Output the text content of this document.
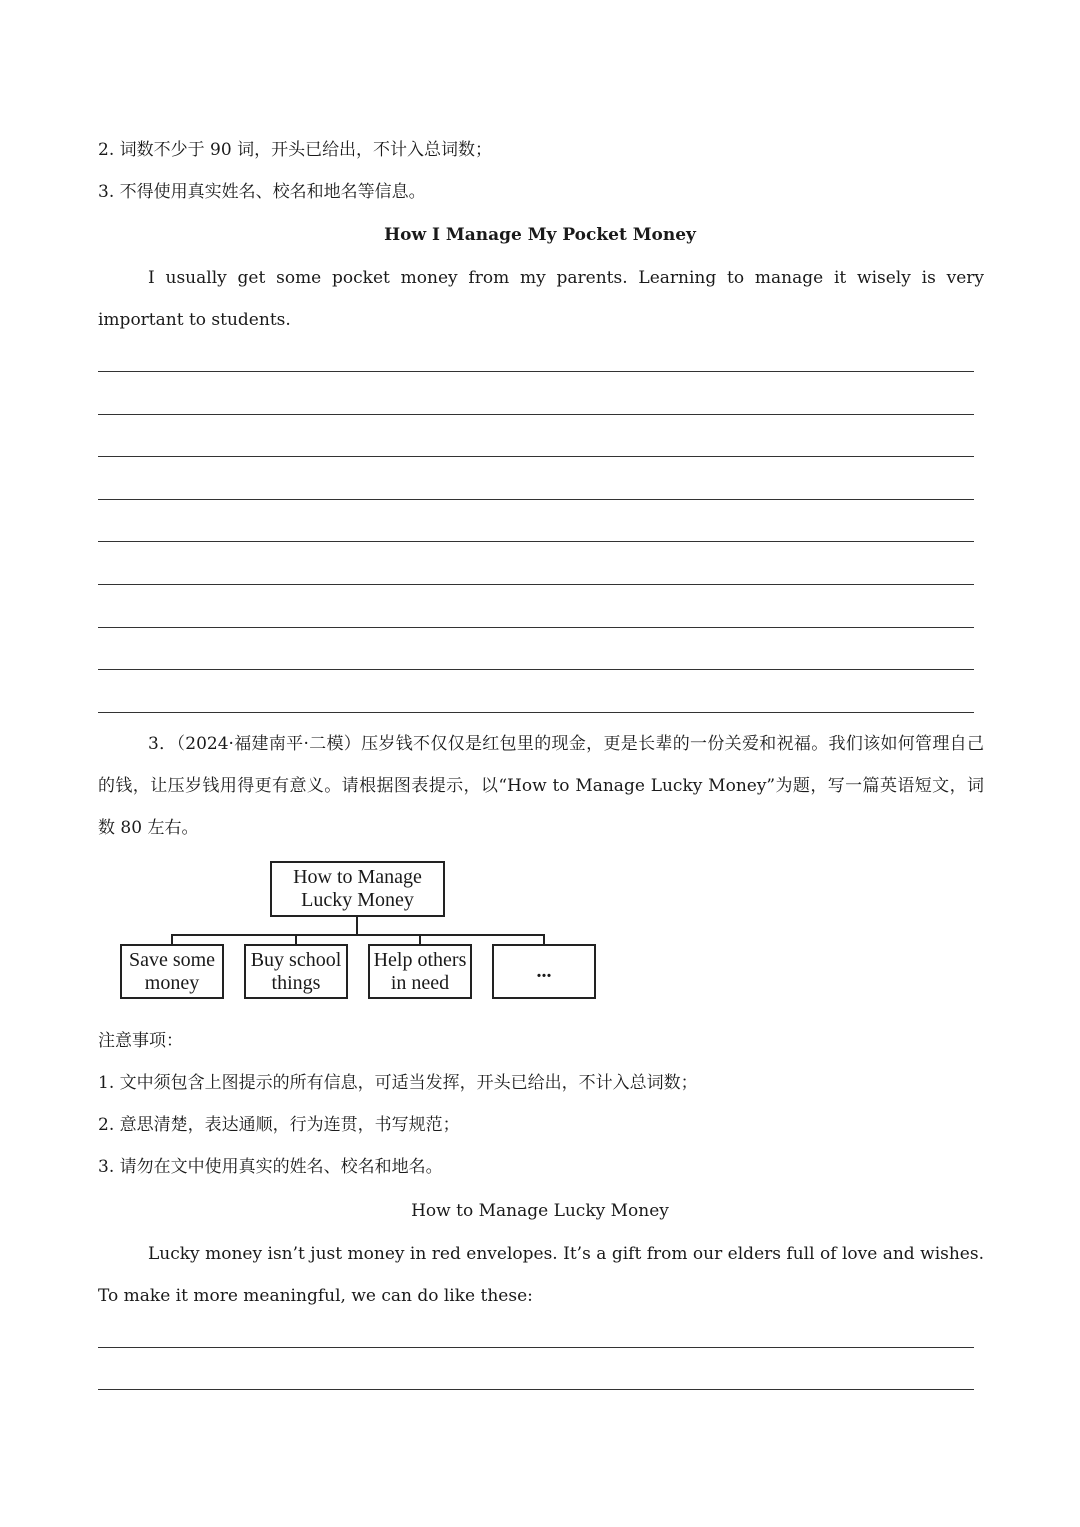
2. 词数不少于 90 词，开头已给出，不计入总词数；
3. 不得使用真实姓名、校名和地名等信息。
How I Manage My Pocket Money
I usually get some pocket money from my parents. Learning to manage it wisely is very important to students.
3．（2024·福建南平·二模）压岁钱不仅仅是红包里的现金，更是长辈的一份关爱和祝福。我们该如何管理自己的钱，让压岁钱用得更有意义。请根据图表提示，以“How to Manage Lucky Money”为题，写一篇英语短文，词数 80 左右。
How to Manage
Lucky Money
Save some
money
Buy school
things
Help others
in need
...
注意事项：
1. 文中须包含上图提示的所有信息，可适当发挥，开头已给出，不计入总词数；
2. 意思清楚，表达通顺，行为连贯，书写规范；
3. 请勿在文中使用真实的姓名、校名和地名。
How to Manage Lucky Money
Lucky money isn’t just money in red envelopes. It’s a gift from our elders full of love and wishes. To make it more meaningful, we can do like these:
